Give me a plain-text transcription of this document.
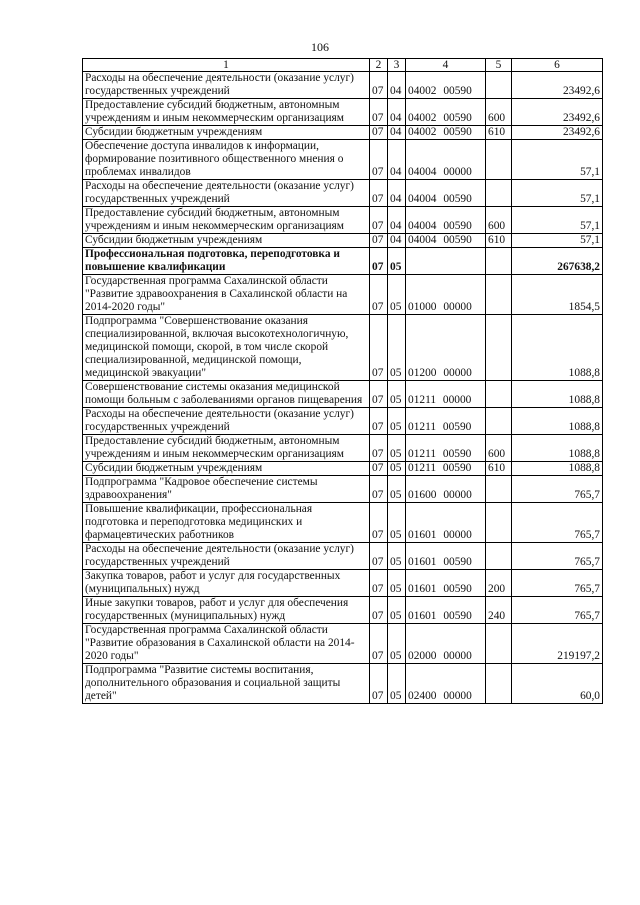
106
1	2	3	4	5	6
Расходы на обеспечение деятельности (оказание услуг) государственных учреждений	07	04	04002 00590		23492,6
Предоставление субсидий бюджетным, автономным учреждениям и иным некоммерческим организациям	07	04	04002 00590	600	23492,6
Субсидии бюджетным учреждениям	07	04	04002 00590	610	23492,6
Обеспечение доступа инвалидов к информации, формирование позитивного общественного мнения о проблемах инвалидов	07	04	04004 00000		57,1
Расходы на обеспечение деятельности (оказание услуг) государственных учреждений	07	04	04004 00590		57,1
Предоставление субсидий бюджетным, автономным учреждениям и иным некоммерческим организациям	07	04	04004 00590	600	57,1
Субсидии бюджетным учреждениям	07	04	04004 00590	610	57,1
Профессиональная подготовка, переподготовка и повышение квалификации	07	05			267638,2
Государственная программа Сахалинской области "Развитие здравоохранения в Сахалинской области на 2014-2020 годы"	07	05	01000 00000		1854,5
Подпрограмма "Совершенствование оказания специализированной, включая высокотехнологичную, медицинской помощи, скорой, в том числе скорой специализированной, медицинской помощи, медицинской эвакуации"	07	05	01200 00000		1088,8
Совершенствование системы оказания медицинской помощи больным с заболеваниями органов пищеварения	07	05	01211 00000		1088,8
Расходы на обеспечение деятельности (оказание услуг) государственных учреждений	07	05	01211 00590		1088,8
Предоставление субсидий бюджетным, автономным учреждениям и иным некоммерческим организациям	07	05	01211 00590	600	1088,8
Субсидии бюджетным учреждениям	07	05	01211 00590	610	1088,8
Подпрограмма "Кадровое обеспечение системы здравоохранения"	07	05	01600 00000		765,7
Повышение квалификации, профессиональная подготовка и переподготовка медицинских и фармацевтических работников	07	05	01601 00000		765,7
Расходы на обеспечение деятельности (оказание услуг) государственных учреждений	07	05	01601 00590		765,7
Закупка товаров, работ и услуг для государственных (муниципальных) нужд	07	05	01601 00590	200	765,7
Иные закупки товаров, работ и услуг для обеспечения государственных (муниципальных) нужд	07	05	01601 00590	240	765,7
Государственная программа Сахалинской области "Развитие образования в Сахалинской области на 2014-2020 годы"	07	05	02000 00000		219197,2
Подпрограмма "Развитие системы воспитания, дополнительного образования и социальной защиты детей"	07	05	02400 00000		60,0
